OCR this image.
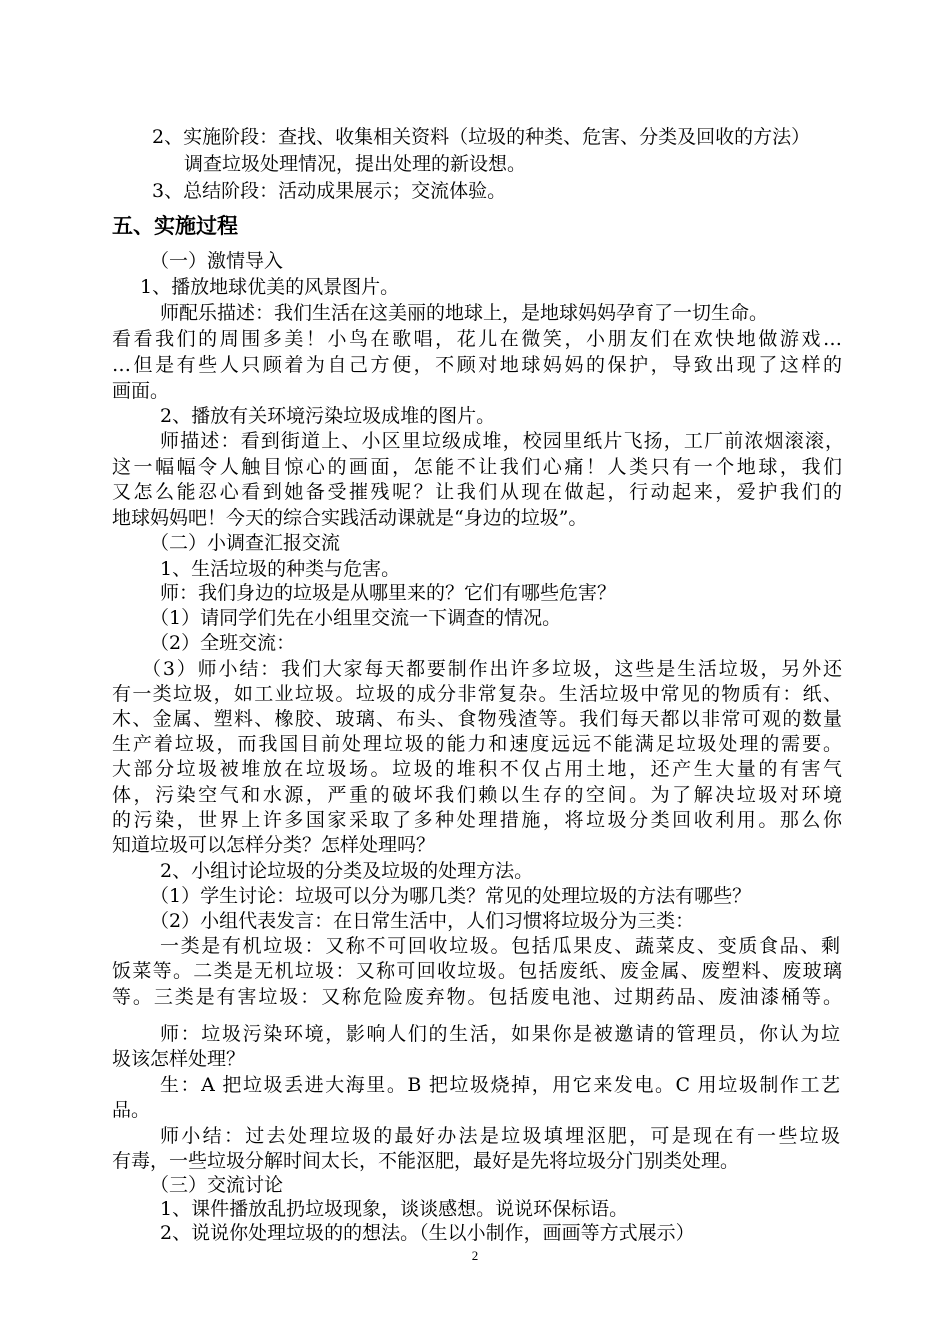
2、实施阶段：查找、收集相关资料（垃圾的种类、危害、分类及回收的方法）
调查垃圾处理情况，提出处理的新设想。
3、总结阶段：活动成果展示；交流体验。
五、实施过程
（一）激情导入
1、播放地球优美的风景图片。
师配乐描述：我们生活在这美丽的地球上，是地球妈妈孕育了一切生命。
看看我们的周围多美！小鸟在歌唱，花儿在微笑，小朋友们在欢快地做游戏…
…但是有些人只顾着为自己方便，不顾对地球妈妈的保护，导致出现了这样的
画面。
2、播放有关环境污染垃圾成堆的图片。
师描述：看到街道上、小区里垃级成堆，校园里纸片飞扬，工厂前浓烟滚滚，
这一幅幅令人触目惊心的画面，怎能不让我们心痛！人类只有一个地球，我们
又怎么能忍心看到她备受摧残呢？让我们从现在做起，行动起来，爱护我们的
地球妈妈吧！今天的综合实践活动课就是“身边的垃圾”。
（二）小调查汇报交流
1、生活垃圾的种类与危害。
师：我们身边的垃圾是从哪里来的？它们有哪些危害？
（1）请同学们先在小组里交流一下调查的情况。
（2）全班交流：
（3）师小结：我们大家每天都要制作出许多垃圾，这些是生活垃圾，另外还
有一类垃圾，如工业垃圾。垃圾的成分非常复杂。生活垃圾中常见的物质有：纸、
木、金属、塑料、橡胶、玻璃、布头、食物残渣等。我们每天都以非常可观的数量
生产着垃圾，而我国目前处理垃圾的能力和速度远远不能满足垃圾处理的需要。
大部分垃圾被堆放在垃圾场。垃圾的堆积不仅占用土地，还产生大量的有害气
体，污染空气和水源，严重的破坏我们赖以生存的空间。为了解决垃圾对环境
的污染，世界上许多国家采取了多种处理措施，将垃圾分类回收利用。那么你
知道垃圾可以怎样分类？怎样处理吗？
2、小组讨论垃圾的分类及垃圾的处理方法。
（1）学生讨论：垃圾可以分为哪几类？常见的处理垃圾的方法有哪些？
（2）小组代表发言：在日常生活中，人们习惯将垃圾分为三类：
一类是有机垃圾：又称不可回收垃圾。包括瓜果皮、蔬菜皮、变质食品、剩
饭菜等。二类是无机垃圾：又称可回收垃圾。包括废纸、废金属、废塑料、废玻璃
等。三类是有害垃圾：又称危险废弃物。包括废电池、过期药品、废油漆桶等。
师：垃圾污染环境，影响人们的生活，如果你是被邀请的管理员，你认为垃
圾该怎样处理？
生：A 把垃圾丢进大海里。B 把垃圾烧掉，用它来发电。C 用垃圾制作工艺
品。
师小结：过去处理垃圾的最好办法是垃圾填埋沤肥，可是现在有一些垃圾
有毒，一些垃圾分解时间太长，不能沤肥，最好是先将垃圾分门别类处理。
（三）交流讨论
1、课件播放乱扔垃圾现象，谈谈感想。说说环保标语。
2、说说你处理垃圾的的想法。（生以小制作，画画等方式展示）
2
